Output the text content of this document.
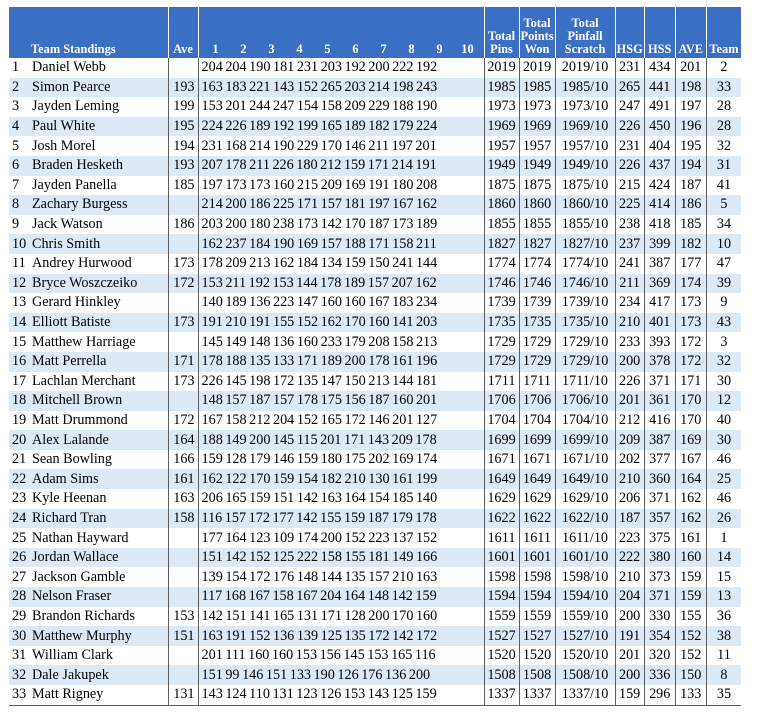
Team Standings		Ave	1 2 3 4 5 6 7 8 9 10	Total Pins	Total Points Won	Total Pinfall Scratch	HSG	HSS	AVE	Team
1	Daniel Webb		204 204 190 181 231 203 192 200 222 192	2019	2019	2019/10	231	434	201	2
2	Simon Pearce	193	163 183 221 143 152 265 203 214 198 243	1985	1985	1985/10	265	441	198	33
3	Jayden Leming	199	153 201 244 247 154 158 209 229 188 190	1973	1973	1973/10	247	491	197	28
4	Paul White	195	224 226 189 192 199 165 189 182 179 224	1969	1969	1969/10	226	450	196	28
5	Josh Morel	194	231 168 214 190 229 170 146 211 197 201	1957	1957	1957/10	231	404	195	32
6	Braden Hesketh	193	207 178 211 226 180 212 159 171 214 191	1949	1949	1949/10	226	437	194	31
7	Jayden Panella	185	197 173 173 160 215 209 169 191 180 208	1875	1875	1875/10	215	424	187	41
8	Zachary Burgess		214 200 186 225 171 157 181 197 167 162	1860	1860	1860/10	225	414	186	5
9	Jack Watson	186	203 200 180 238 173 142 170 187 173 189	1855	1855	1855/10	238	418	185	34
10	Chris Smith		162 237 184 190 169 157 188 171 158 211	1827	1827	1827/10	237	399	182	10
11	Andrey Hurwood	173	178 209 213 162 184 134 159 150 241 144	1774	1774	1774/10	241	387	177	47
12	Bryce Woszczeiko	172	153 211 192 153 144 178 189 157 207 162	1746	1746	1746/10	211	369	174	39
13	Gerard Hinkley		140 189 136 223 147 160 160 167 183 234	1739	1739	1739/10	234	417	173	9
14	Elliott Batiste	173	191 210 191 155 152 162 170 160 141 203	1735	1735	1735/10	210	401	173	43
15	Matthew Harriage		145 149 148 136 160 233 179 208 158 213	1729	1729	1729/10	233	393	172	3
16	Matt Perrella	171	178 188 135 133 171 189 200 178 161 196	1729	1729	1729/10	200	378	172	32
17	Lachlan Merchant	173	226 145 198 172 135 147 150 213 144 181	1711	1711	1711/10	226	371	171	30
18	Mitchell Brown		148 157 187 157 178 175 156 187 160 201	1706	1706	1706/10	201	361	170	12
19	Matt Drummond	172	167 158 212 204 152 165 172 146 201 127	1704	1704	1704/10	212	416	170	40
20	Alex Lalande	164	188 149 200 145 115 201 171 143 209 178	1699	1699	1699/10	209	387	169	30
21	Sean Bowling	166	159 128 179 146 159 180 175 202 169 174	1671	1671	1671/10	202	377	167	46
22	Adam Sims	161	162 122 170 159 154 182 210 130 161 199	1649	1649	1649/10	210	360	164	25
23	Kyle Heenan	163	206 165 159 151 142 163 164 154 185 140	1629	1629	1629/10	206	371	162	46
24	Richard Tran	158	116 157 172 177 142 155 159 187 179 178	1622	1622	1622/10	187	357	162	26
25	Nathan Hayward		177 164 123 109 174 200 152 223 137 152	1611	1611	1611/10	223	375	161	1
26	Jordan Wallace		151 142 152 125 222 158 155 181 149 166	1601	1601	1601/10	222	380	160	14
27	Jackson Gamble		139 154 172 176 148 144 135 157 210 163	1598	1598	1598/10	210	373	159	15
28	Nelson Fraser		117 168 167 158 167 204 164 148 142 159	1594	1594	1594/10	204	371	159	13
29	Brandon Richards	153	142 151 141 165 131 171 128 200 170 160	1559	1559	1559/10	200	330	155	36
30	Matthew Murphy	151	163 191 152 136 139 125 135 172 142 172	1527	1527	1527/10	191	354	152	38
31	William Clark		201 111 160 160 153 156 145 153 165 116	1520	1520	1520/10	201	320	152	11
32	Dale Jakupek		151 99 146 151 133 190 126 176 136 200	1508	1508	1508/10	200	336	150	8
33	Matt Rigney	131	143 124 110 131 123 126 153 143 125 159	1337	1337	1337/10	159	296	133	35
